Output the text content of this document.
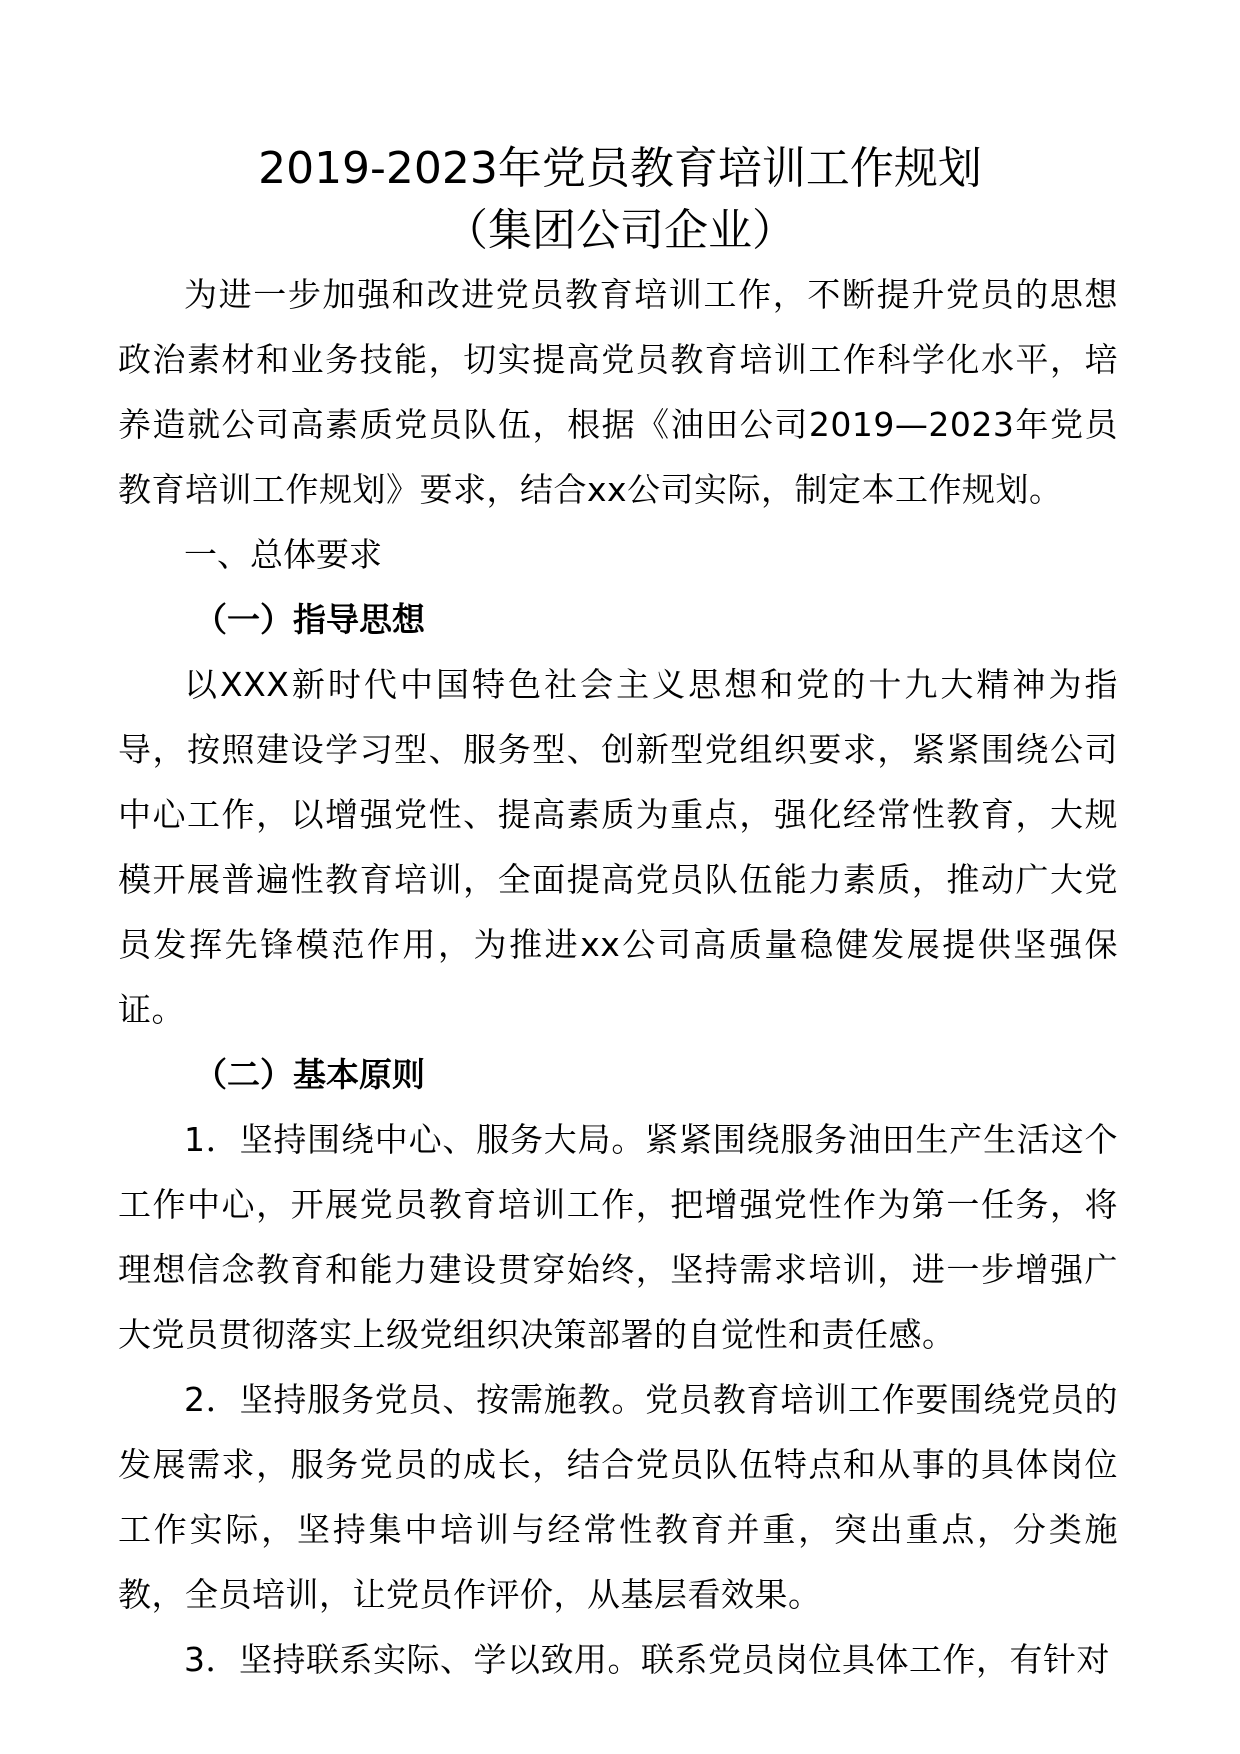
2019-2023年党员教育培训工作规划
（集团公司企业）

为进一步加强和改进党员教育培训工作，不断提升党员的思想政治素材和业务技能，切实提高党员教育培训工作科学化水平，培养造就公司高素质党员队伍，根据《油田公司2019—2023年党员教育培训工作规划》要求，结合xx公司实际，制定本工作规划。

一、总体要求

（一）指导思想

以XXX新时代中国特色社会主义思想和党的十九大精神为指导，按照建设学习型、服务型、创新型党组织要求，紧紧围绕公司中心工作，以增强党性、提高素质为重点，强化经常性教育，大规模开展普遍性教育培训，全面提高党员队伍能力素质，推动广大党员发挥先锋模范作用，为推进xx公司高质量稳健发展提供坚强保证。

（二）基本原则

1．坚持围绕中心、服务大局。紧紧围绕服务油田生产生活这个工作中心，开展党员教育培训工作，把增强党性作为第一任务，将理想信念教育和能力建设贯穿始终，坚持需求培训，进一步增强广大党员贯彻落实上级党组织决策部署的自觉性和责任感。

2．坚持服务党员、按需施教。党员教育培训工作要围绕党员的发展需求，服务党员的成长，结合党员队伍特点和从事的具体岗位工作实际，坚持集中培训与经常性教育并重，突出重点，分类施教，全员培训，让党员作评价，从基层看效果。

3．坚持联系实际、学以致用。联系党员岗位具体工作，有针对
